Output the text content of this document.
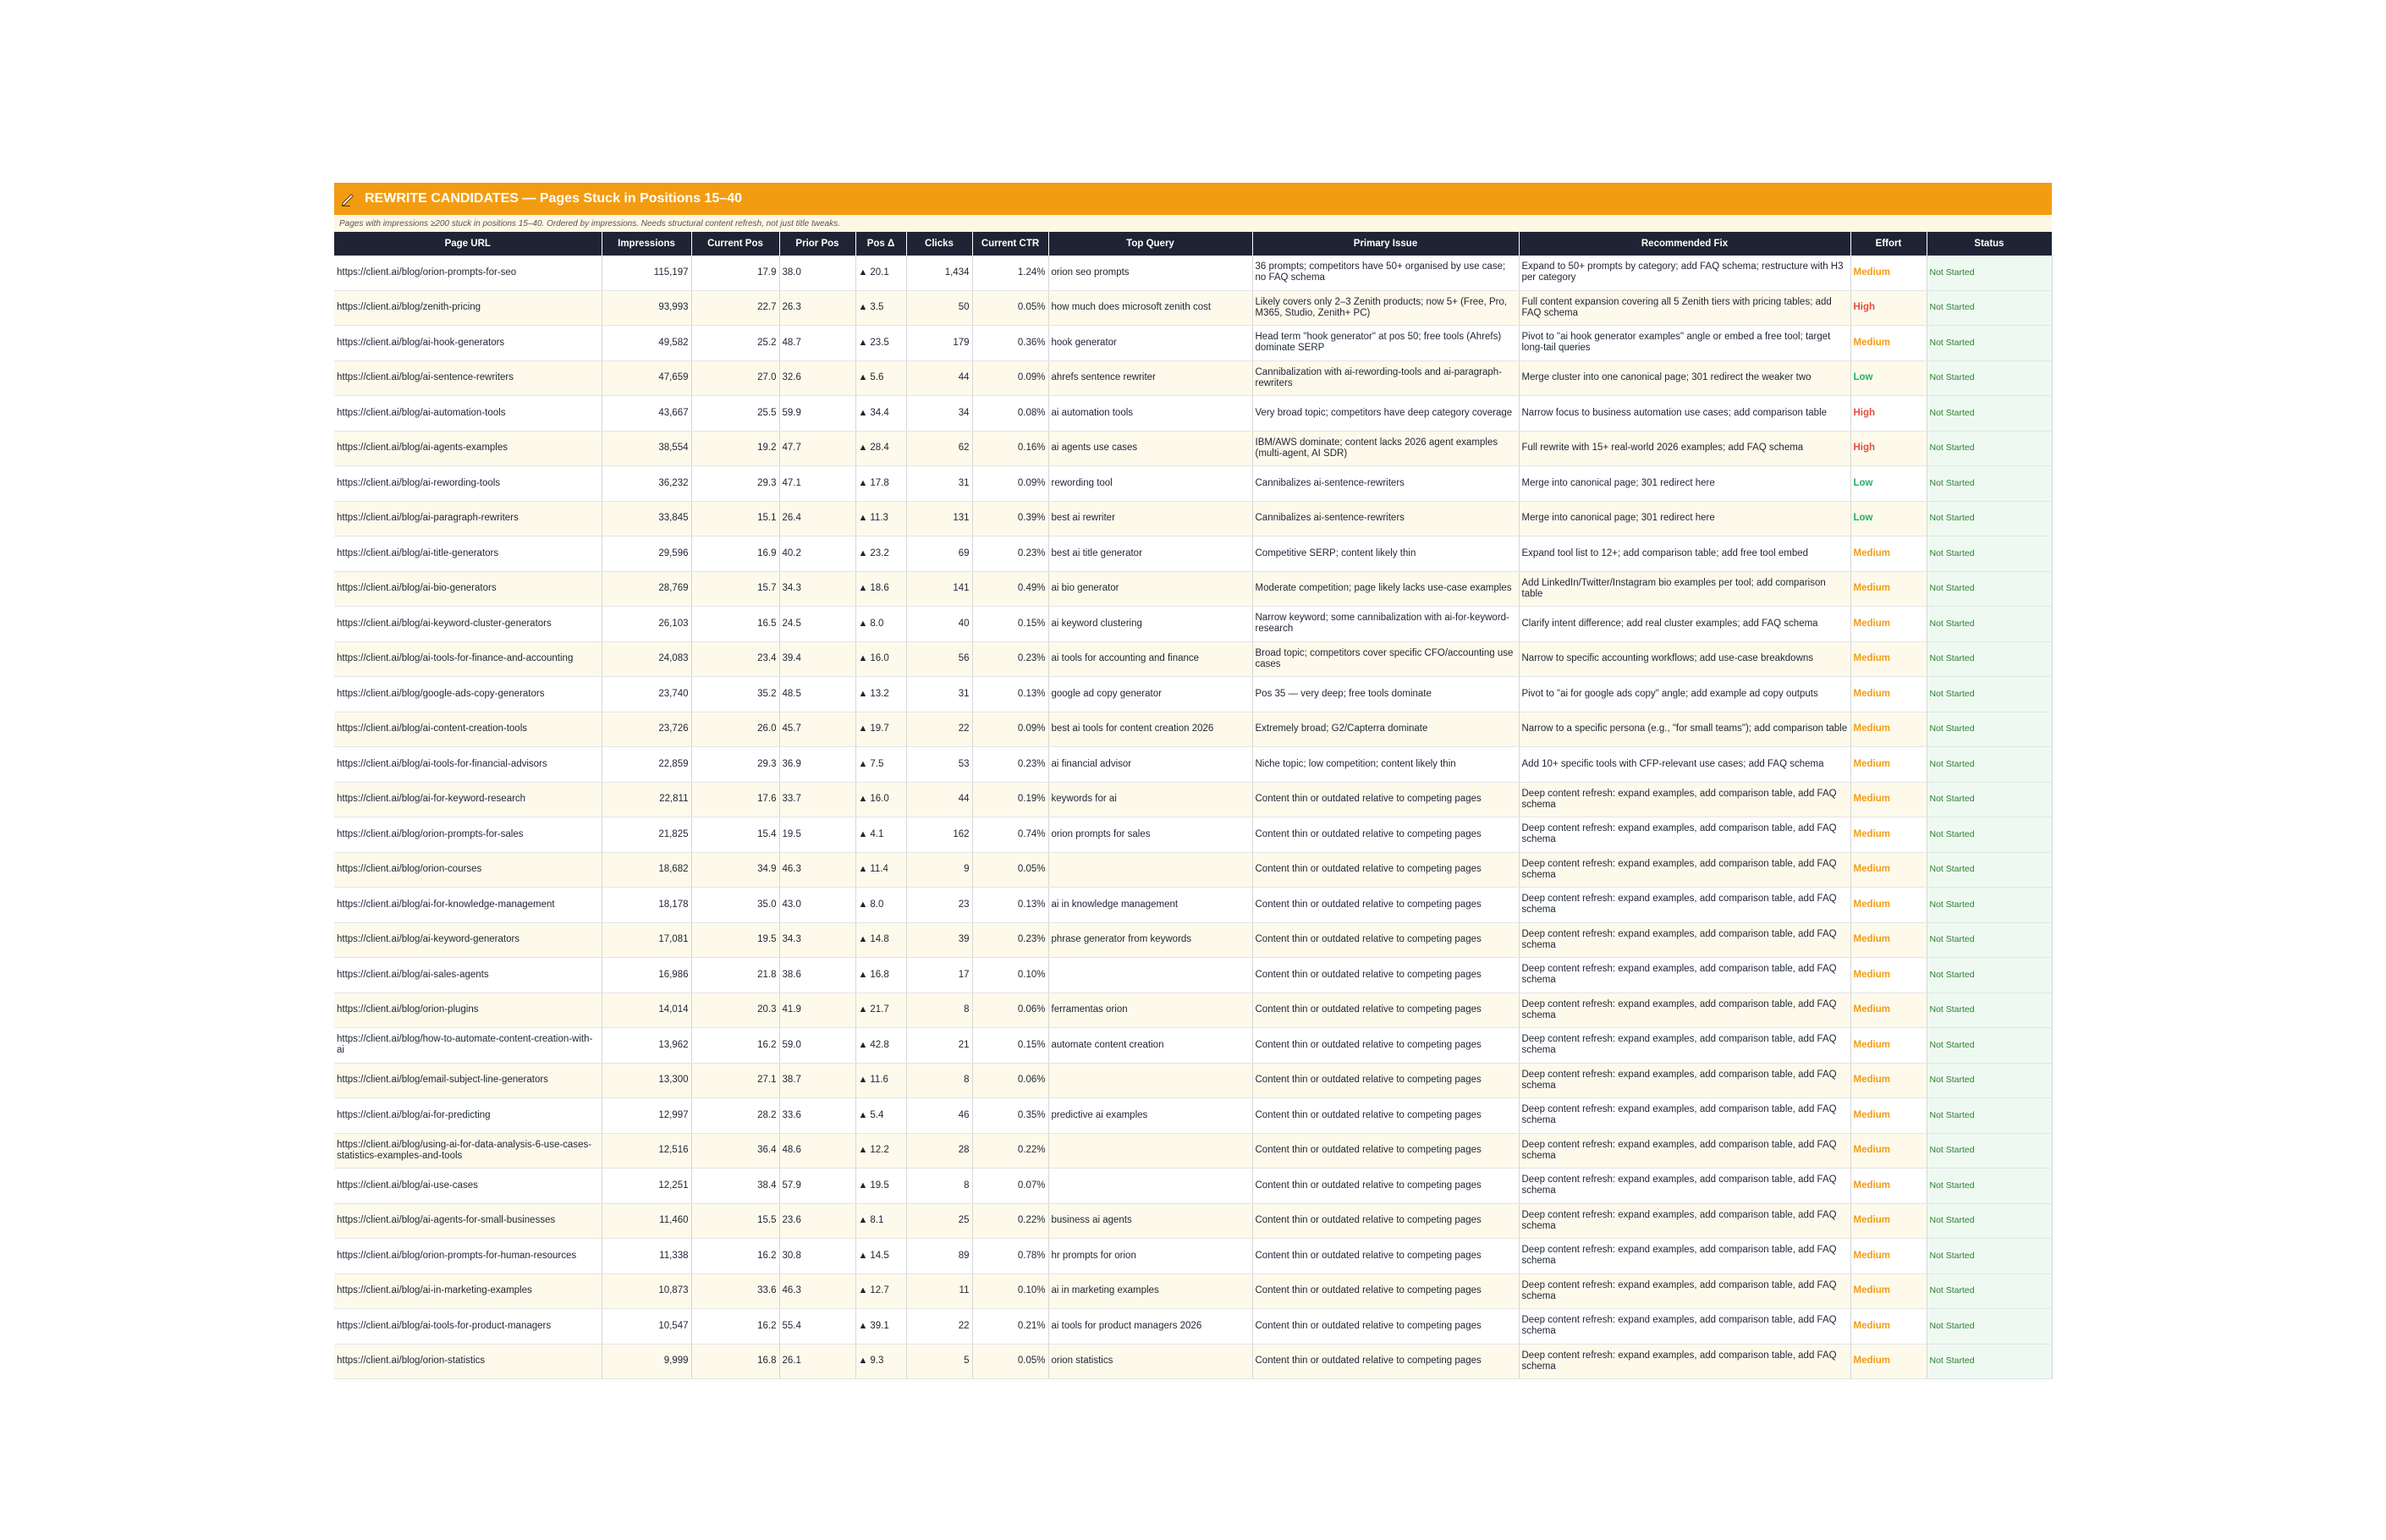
REWRITE CANDIDATES — Pages Stuck in Positions 15–40
Pages with impressions ≥200 stuck in positions 15–40. Ordered by impressions. Needs structural content refresh, not just title tweaks.
Page URL	Impressions	Current Pos	Prior Pos	Pos Δ	Clicks	Current CTR	Top Query	Primary Issue	Recommended Fix	Effort	Status
https://client.ai/blog/orion-prompts-for-seo	115,197	17.9	38.0	▲ 20.1	1,434	1.24%	orion seo prompts	36 prompts; competitors have 50+ organised by use case; no FAQ schema	Expand to 50+ prompts by category; add FAQ schema; restructure with H3 per category	Medium	Not Started
https://client.ai/blog/zenith-pricing	93,993	22.7	26.3	▲ 3.5	50	0.05%	how much does microsoft zenith cost	Likely covers only 2–3 Zenith products; now 5+ (Free, Pro, M365, Studio, Zenith+ PC)	Full content expansion covering all 5 Zenith tiers with pricing tables; add FAQ schema	High	Not Started
https://client.ai/blog/ai-hook-generators	49,582	25.2	48.7	▲ 23.5	179	0.36%	hook generator	Head term "hook generator" at pos 50; free tools (Ahrefs) dominate SERP	Pivot to "ai hook generator examples" angle or embed a free tool; target long-tail queries	Medium	Not Started
https://client.ai/blog/ai-sentence-rewriters	47,659	27.0	32.6	▲ 5.6	44	0.09%	ahrefs sentence rewriter	Cannibalization with ai-rewording-tools and ai-paragraph-rewriters	Merge cluster into one canonical page; 301 redirect the weaker two	Low	Not Started
https://client.ai/blog/ai-automation-tools	43,667	25.5	59.9	▲ 34.4	34	0.08%	ai automation tools	Very broad topic; competitors have deep category coverage	Narrow focus to business automation use cases; add comparison table	High	Not Started
https://client.ai/blog/ai-agents-examples	38,554	19.2	47.7	▲ 28.4	62	0.16%	ai agents use cases	IBM/AWS dominate; content lacks 2026 agent examples (multi-agent, AI SDR)	Full rewrite with 15+ real-world 2026 examples; add FAQ schema	High	Not Started
https://client.ai/blog/ai-rewording-tools	36,232	29.3	47.1	▲ 17.8	31	0.09%	rewording tool	Cannibalizes ai-sentence-rewriters	Merge into canonical page; 301 redirect here	Low	Not Started
https://client.ai/blog/ai-paragraph-rewriters	33,845	15.1	26.4	▲ 11.3	131	0.39%	best ai rewriter	Cannibalizes ai-sentence-rewriters	Merge into canonical page; 301 redirect here	Low	Not Started
https://client.ai/blog/ai-title-generators	29,596	16.9	40.2	▲ 23.2	69	0.23%	best ai title generator	Competitive SERP; content likely thin	Expand tool list to 12+; add comparison table; add free tool embed	Medium	Not Started
https://client.ai/blog/ai-bio-generators	28,769	15.7	34.3	▲ 18.6	141	0.49%	ai bio generator	Moderate competition; page likely lacks use-case examples	Add LinkedIn/Twitter/Instagram bio examples per tool; add comparison table	Medium	Not Started
https://client.ai/blog/ai-keyword-cluster-generators	26,103	16.5	24.5	▲ 8.0	40	0.15%	ai keyword clustering	Narrow keyword; some cannibalization with ai-for-keyword-research	Clarify intent difference; add real cluster examples; add FAQ schema	Medium	Not Started
https://client.ai/blog/ai-tools-for-finance-and-accounting	24,083	23.4	39.4	▲ 16.0	56	0.23%	ai tools for accounting and finance	Broad topic; competitors cover specific CFO/accounting use cases	Narrow to specific accounting workflows; add use-case breakdowns	Medium	Not Started
https://client.ai/blog/google-ads-copy-generators	23,740	35.2	48.5	▲ 13.2	31	0.13%	google ad copy generator	Pos 35 — very deep; free tools dominate	Pivot to "ai for google ads copy" angle; add example ad copy outputs	Medium	Not Started
https://client.ai/blog/ai-content-creation-tools	23,726	26.0	45.7	▲ 19.7	22	0.09%	best ai tools for content creation 2026	Extremely broad; G2/Capterra dominate	Narrow to a specific persona (e.g., "for small teams"); add comparison table	Medium	Not Started
https://client.ai/blog/ai-tools-for-financial-advisors	22,859	29.3	36.9	▲ 7.5	53	0.23%	ai financial advisor	Niche topic; low competition; content likely thin	Add 10+ specific tools with CFP-relevant use cases; add FAQ schema	Medium	Not Started
https://client.ai/blog/ai-for-keyword-research	22,811	17.6	33.7	▲ 16.0	44	0.19%	keywords for ai	Content thin or outdated relative to competing pages	Deep content refresh: expand examples, add comparison table, add FAQ schema	Medium	Not Started
https://client.ai/blog/orion-prompts-for-sales	21,825	15.4	19.5	▲ 4.1	162	0.74%	orion prompts for sales	Content thin or outdated relative to competing pages	Deep content refresh: expand examples, add comparison table, add FAQ schema	Medium	Not Started
https://client.ai/blog/orion-courses	18,682	34.9	46.3	▲ 11.4	9	0.05%		Content thin or outdated relative to competing pages	Deep content refresh: expand examples, add comparison table, add FAQ schema	Medium	Not Started
https://client.ai/blog/ai-for-knowledge-management	18,178	35.0	43.0	▲ 8.0	23	0.13%	ai in knowledge management	Content thin or outdated relative to competing pages	Deep content refresh: expand examples, add comparison table, add FAQ schema	Medium	Not Started
https://client.ai/blog/ai-keyword-generators	17,081	19.5	34.3	▲ 14.8	39	0.23%	phrase generator from keywords	Content thin or outdated relative to competing pages	Deep content refresh: expand examples, add comparison table, add FAQ schema	Medium	Not Started
https://client.ai/blog/ai-sales-agents	16,986	21.8	38.6	▲ 16.8	17	0.10%		Content thin or outdated relative to competing pages	Deep content refresh: expand examples, add comparison table, add FAQ schema	Medium	Not Started
https://client.ai/blog/orion-plugins	14,014	20.3	41.9	▲ 21.7	8	0.06%	ferramentas orion	Content thin or outdated relative to competing pages	Deep content refresh: expand examples, add comparison table, add FAQ schema	Medium	Not Started
https://client.ai/blog/how-to-automate-content-creation-with-ai	13,962	16.2	59.0	▲ 42.8	21	0.15%	automate content creation	Content thin or outdated relative to competing pages	Deep content refresh: expand examples, add comparison table, add FAQ schema	Medium	Not Started
https://client.ai/blog/email-subject-line-generators	13,300	27.1	38.7	▲ 11.6	8	0.06%		Content thin or outdated relative to competing pages	Deep content refresh: expand examples, add comparison table, add FAQ schema	Medium	Not Started
https://client.ai/blog/ai-for-predicting	12,997	28.2	33.6	▲ 5.4	46	0.35%	predictive ai examples	Content thin or outdated relative to competing pages	Deep content refresh: expand examples, add comparison table, add FAQ schema	Medium	Not Started
https://client.ai/blog/using-ai-for-data-analysis-6-use-cases-statistics-examples-and-tools	12,516	36.4	48.6	▲ 12.2	28	0.22%		Content thin or outdated relative to competing pages	Deep content refresh: expand examples, add comparison table, add FAQ schema	Medium	Not Started
https://client.ai/blog/ai-use-cases	12,251	38.4	57.9	▲ 19.5	8	0.07%		Content thin or outdated relative to competing pages	Deep content refresh: expand examples, add comparison table, add FAQ schema	Medium	Not Started
https://client.ai/blog/ai-agents-for-small-businesses	11,460	15.5	23.6	▲ 8.1	25	0.22%	business ai agents	Content thin or outdated relative to competing pages	Deep content refresh: expand examples, add comparison table, add FAQ schema	Medium	Not Started
https://client.ai/blog/orion-prompts-for-human-resources	11,338	16.2	30.8	▲ 14.5	89	0.78%	hr prompts for orion	Content thin or outdated relative to competing pages	Deep content refresh: expand examples, add comparison table, add FAQ schema	Medium	Not Started
https://client.ai/blog/ai-in-marketing-examples	10,873	33.6	46.3	▲ 12.7	11	0.10%	ai in marketing examples	Content thin or outdated relative to competing pages	Deep content refresh: expand examples, add comparison table, add FAQ schema	Medium	Not Started
https://client.ai/blog/ai-tools-for-product-managers	10,547	16.2	55.4	▲ 39.1	22	0.21%	ai tools for product managers 2026	Content thin or outdated relative to competing pages	Deep content refresh: expand examples, add comparison table, add FAQ schema	Medium	Not Started
https://client.ai/blog/orion-statistics	9,999	16.8	26.1	▲ 9.3	5	0.05%	orion statistics	Content thin or outdated relative to competing pages	Deep content refresh: expand examples, add comparison table, add FAQ schema	Medium	Not Started
